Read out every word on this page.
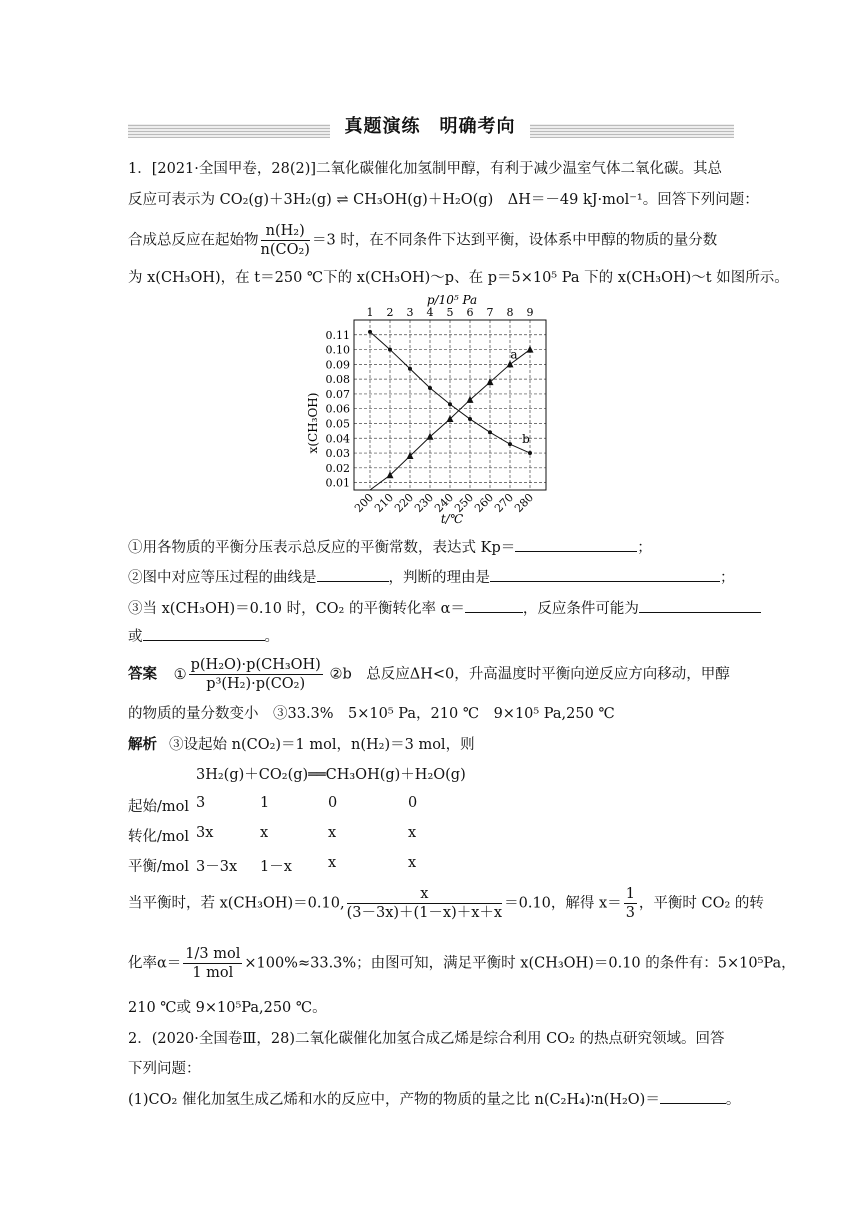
真题演练　明确考向
1．[2021·全国甲卷，28(2)]二氧化碳催化加氢制甲醇，有利于减少温室气体二氧化碳。其总
反应可表示为 CO₂(g)＋3H₂(g) ⇌ CH₃OH(g)＋H₂O(g)　ΔH＝－49 kJ·mol⁻¹。回答下列问题：
合成总反应在起始物 $\frac{\text{n(H₂)}}{\text{n(CO₂)}} =3$ 时，在不同条件下达到平衡，设体系中甲醇的物质的量分数
为 x(CH₃OH)，在 t＝250 ℃下的 x(CH₃OH)～p、在 p＝5×10⁵ Pa 下的 x(CH₃OH)～t 如图所示。
0.01
0.02
0.03
0.04
0.05
0.06
0.07
0.08
0.09
0.10
0.11
1 2 3 4 5 6 7 8 9
200
210
220
230
240
250
260
270
280
a
b
p/10⁵ Pa
x(CH₃OH)
t/℃
①用各物质的平衡分压表示总反应的平衡常数，表达式 Kp＝	；
②图中对应等压过程的曲线是	，判断的理由是	；
③当 x(CH₃OH)＝0.10 时，CO₂ 的平衡转化率 α＝	，反应条件可能为
或	。
答案 ① $\frac{\text{p(H₂O)·p(CH₃OH)}}{\text{p³(H₂)·p(CO₂)}}$ ②b　总反应ΔH<0，升高温度时平衡向逆反应方向移动，甲醇
的物质的量分数变小　③33.3%　5×10⁵ Pa，210 ℃　9×10⁵ Pa,250 ℃
解析 ③设起始 n(CO₂)＝1 mol，n(H₂)＝3 mol，则
3H₂(g)＋CO₂(g)══CH₃OH(g)＋H₂O(g)
起始/mol 3	1	0	0
转化/mol 3x	x	x	x
平衡/mol 3－3x 1－x x	x
当平衡时，若 x(CH₃OH)＝0.10, $\frac{x}{(3-3x)+(1-x)+x+x} =0.10$，解得 $x= \frac{1}{3}$ ，平衡时 CO₂ 的转
化率α＝
1/3 mol
1 mol
×100%≈33.3%；由图可知，满足平衡时 x(CH₃OH)＝0.10 的条件有：5×10⁵Pa，
210 ℃或 9×10⁵Pa,250 ℃。
2．(2020·全国卷Ⅲ，28)二氧化碳催化加氢合成乙烯是综合利用 CO₂ 的热点研究领域。回答
下列问题：
(1)CO₂ 催化加氢生成乙烯和水的反应中，产物的物质的量之比 n(C₂H₄)∶n(H₂O)＝	。
